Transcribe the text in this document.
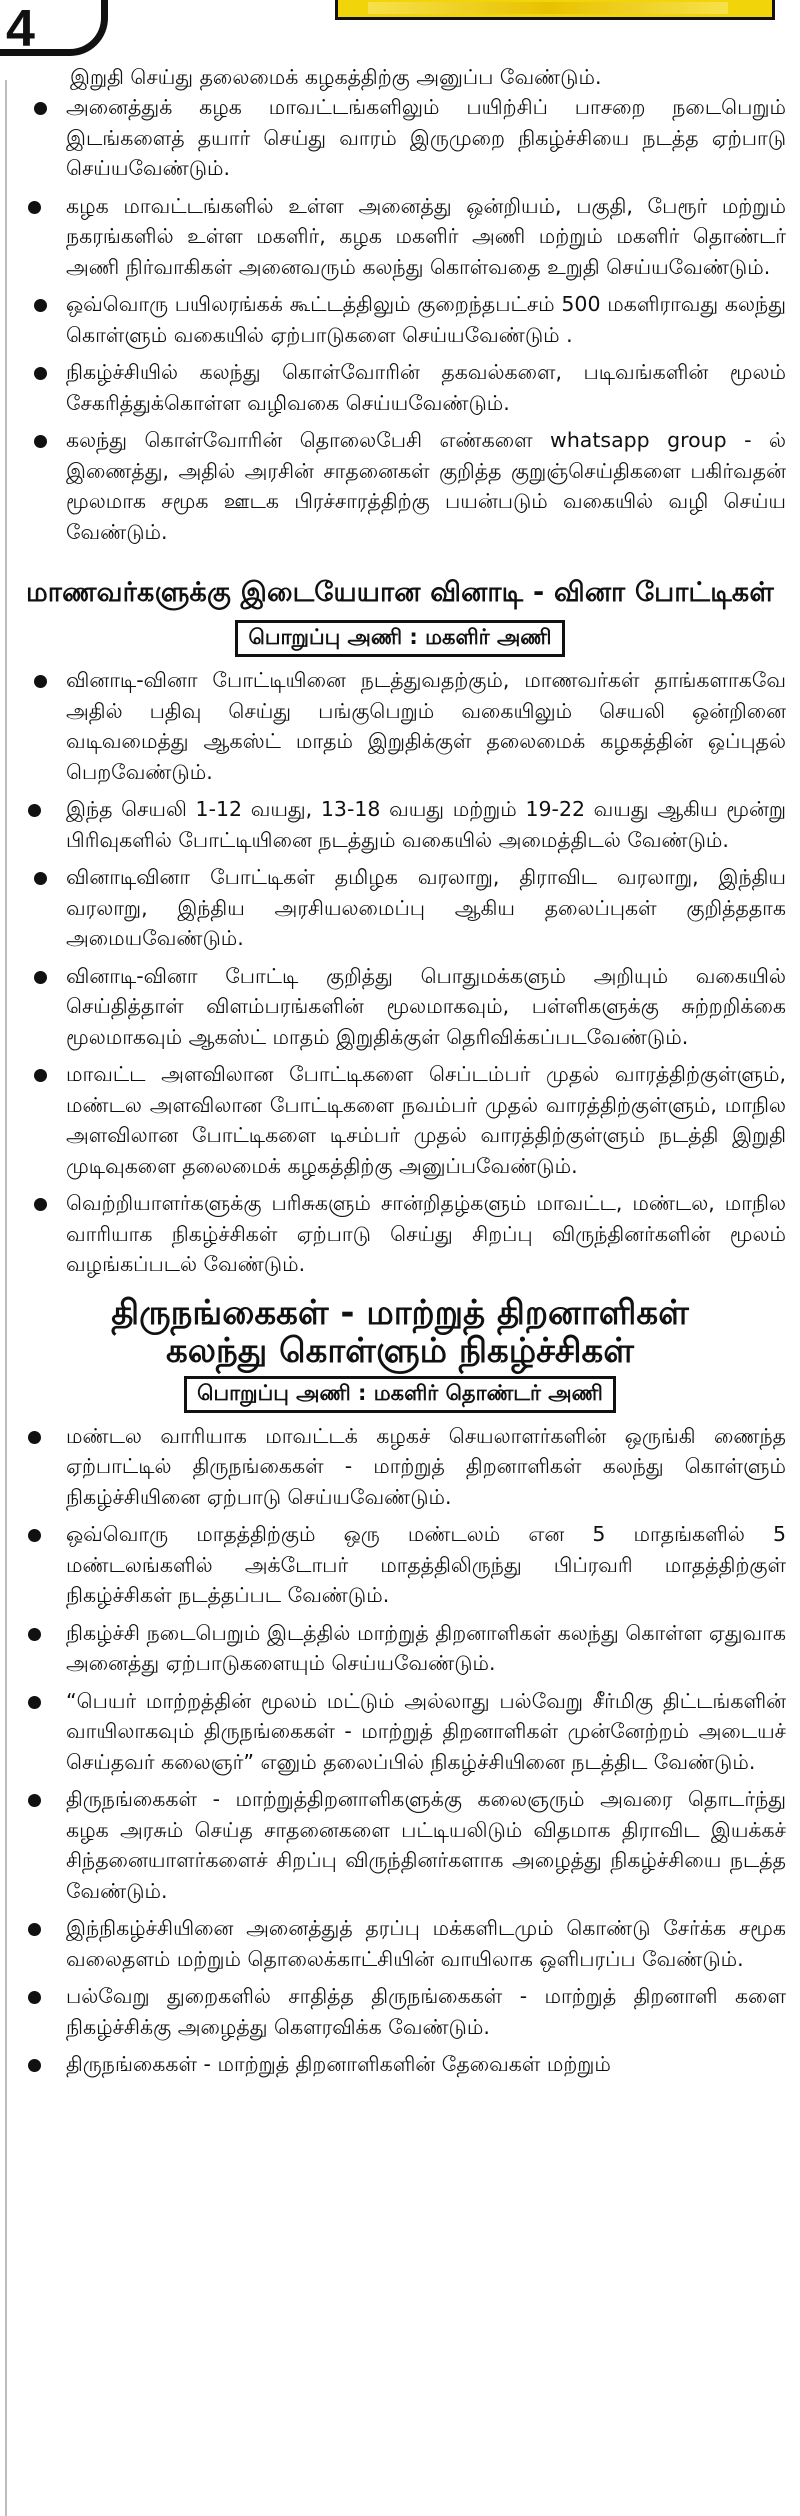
4

இறுதி செய்து தலைமைக் கழகத்திற்கு அனுப்ப வேண்டும்.

அனைத்துக் கழக மாவட்டங்களிலும் பயிற்சிப் பாசறை நடைபெறும் இடங்களைத் தயார் செய்து வாரம் இருமுறை நிகழ்ச்சியை நடத்த ஏற்பாடு செய்யவேண்டும்.
கழக மாவட்டங்களில் உள்ள அனைத்து ஒன்றியம், பகுதி, பேரூர் மற்றும் நகரங்களில் உள்ள மகளிர், கழக மகளிர் அணி மற்றும் மகளிர் தொண்டர் அணி நிர்வாகிகள் அனைவரும் கலந்து கொள்வதை உறுதி செய்யவேண்டும்.
ஒவ்வொரு பயிலரங்கக் கூட்டத்திலும் குறைந்தபட்சம் 500 மகளிராவது கலந்து கொள்ளும் வகையில் ஏற்பாடுகளை செய்யவேண்டும் .
நிகழ்ச்சியில் கலந்து கொள்வோரின் தகவல்களை, படிவங்களின் மூலம் சேகரித்துக்கொள்ள வழிவகை செய்யவேண்டும்.
கலந்து கொள்வோரின் தொலைபேசி எண்களை whatsapp group - ல் இணைத்து, அதில் அரசின் சாதனைகள் குறித்த குறுஞ்செய்திகளை பகிர்வதன் மூலமாக சமூக ஊடக பிரச்சாரத்திற்கு பயன்படும் வகையில் வழி செய்ய வேண்டும்.
மாணவர்களுக்கு இடையேயான வினாடி - வினா போட்டிகள்
பொறுப்பு அணி : மகளிர் அணி
வினாடி-வினா போட்டியினை நடத்துவதற்கும், மாணவர்கள் தாங்களாகவே அதில் பதிவு செய்து பங்குபெறும் வகையிலும் செயலி ஒன்றினை வடிவமைத்து ஆகஸ்ட் மாதம் இறுதிக்குள் தலைமைக் கழகத்தின் ஒப்புதல் பெறவேண்டும்.
இந்த செயலி 1-12 வயது, 13-18 வயது மற்றும் 19-22 வயது ஆகிய மூன்று பிரிவுகளில் போட்டியினை நடத்தும் வகையில் அமைத்திடல் வேண்டும்.
வினாடிவினா போட்டிகள் தமிழக வரலாறு, திராவிட வரலாறு, இந்திய வரலாறு, இந்திய அரசியலமைப்பு ஆகிய தலைப்புகள் குறித்ததாக அமையவேண்டும்.
வினாடி-வினா போட்டி குறித்து பொதுமக்களும் அறியும் வகையில் செய்தித்தாள் விளம்பரங்களின் மூலமாகவும், பள்ளிகளுக்கு சுற்றறிக்கை மூலமாகவும் ஆகஸ்ட் மாதம் இறுதிக்குள் தெரிவிக்கப்படவேண்டும்.
மாவட்ட அளவிலான போட்டிகளை செப்டம்பர் முதல் வாரத்திற்குள்ளும், மண்டல அளவிலான போட்டிகளை நவம்பர் முதல் வாரத்திற்குள்ளும், மாநில அளவிலான போட்டிகளை டிசம்பர் முதல் வாரத்திற்குள்ளும் நடத்தி இறுதி முடிவுகளை தலைமைக் கழகத்திற்கு அனுப்பவேண்டும்.
வெற்றியாளர்களுக்கு பரிசுகளும் சான்றிதழ்களும் மாவட்ட, மண்டல, மாநில வாரியாக நிகழ்ச்சிகள் ஏற்பாடு செய்து சிறப்பு விருந்தினர்களின் மூலம் வழங்கப்படல் வேண்டும்.
திருநங்கைகள் - மாற்றுத் திறனாளிகள்
கலந்து கொள்ளும் நிகழ்ச்சிகள்
பொறுப்பு அணி : மகளிர் தொண்டர் அணி
மண்டல வாரியாக மாவட்டக் கழகச் செயலாளர்களின் ஒருங்கி ணைந்த ஏற்பாட்டில் திருநங்கைகள் - மாற்றுத் திறனாளிகள் கலந்து கொள்ளும் நிகழ்ச்சியினை ஏற்பாடு செய்யவேண்டும்.
ஒவ்வொரு மாதத்திற்கும் ஒரு மண்டலம் என 5 மாதங்களில் 5 மண்டலங்களில் அக்டோபர் மாதத்திலிருந்து பிப்ரவரி மாதத்திற்குள் நிகழ்ச்சிகள் நடத்தப்பட வேண்டும்.
நிகழ்ச்சி நடைபெறும் இடத்தில் மாற்றுத் திறனாளிகள் கலந்து கொள்ள ஏதுவாக அனைத்து ஏற்பாடுகளையும் செய்யவேண்டும்.
“பெயர் மாற்றத்தின் மூலம் மட்டும் அல்லாது பல்வேறு சீர்மிகு திட்டங்களின் வாயிலாகவும் திருநங்கைகள் - மாற்றுத் திறனாளிகள் முன்னேற்றம் அடையச் செய்தவர் கலைஞர்” எனும் தலைப்பில் நிகழ்ச்சியினை நடத்திட வேண்டும்.
திருநங்கைகள் - மாற்றுத்திறனாளிகளுக்கு கலைஞரும் அவரை தொடர்ந்து கழக அரசும் செய்த சாதனைகளை பட்டியலிடும் விதமாக திராவிட இயக்கச் சிந்தனையாளர்களைச் சிறப்பு விருந்தினர்களாக அழைத்து நிகழ்ச்சியை நடத்த வேண்டும்.
இந்நிகழ்ச்சியினை அனைத்துத் தரப்பு மக்களிடமும் கொண்டு சேர்க்க சமூக வலைதளம் மற்றும் தொலைக்காட்சியின் வாயிலாக ஒளிபரப்ப வேண்டும்.
பல்வேறு துறைகளில் சாதித்த திருநங்கைகள் - மாற்றுத் திறனாளி களை நிகழ்ச்சிக்கு அழைத்து கௌரவிக்க வேண்டும்.
திருநங்கைகள் - மாற்றுத் திறனாளிகளின் தேவைகள் மற்றும்
